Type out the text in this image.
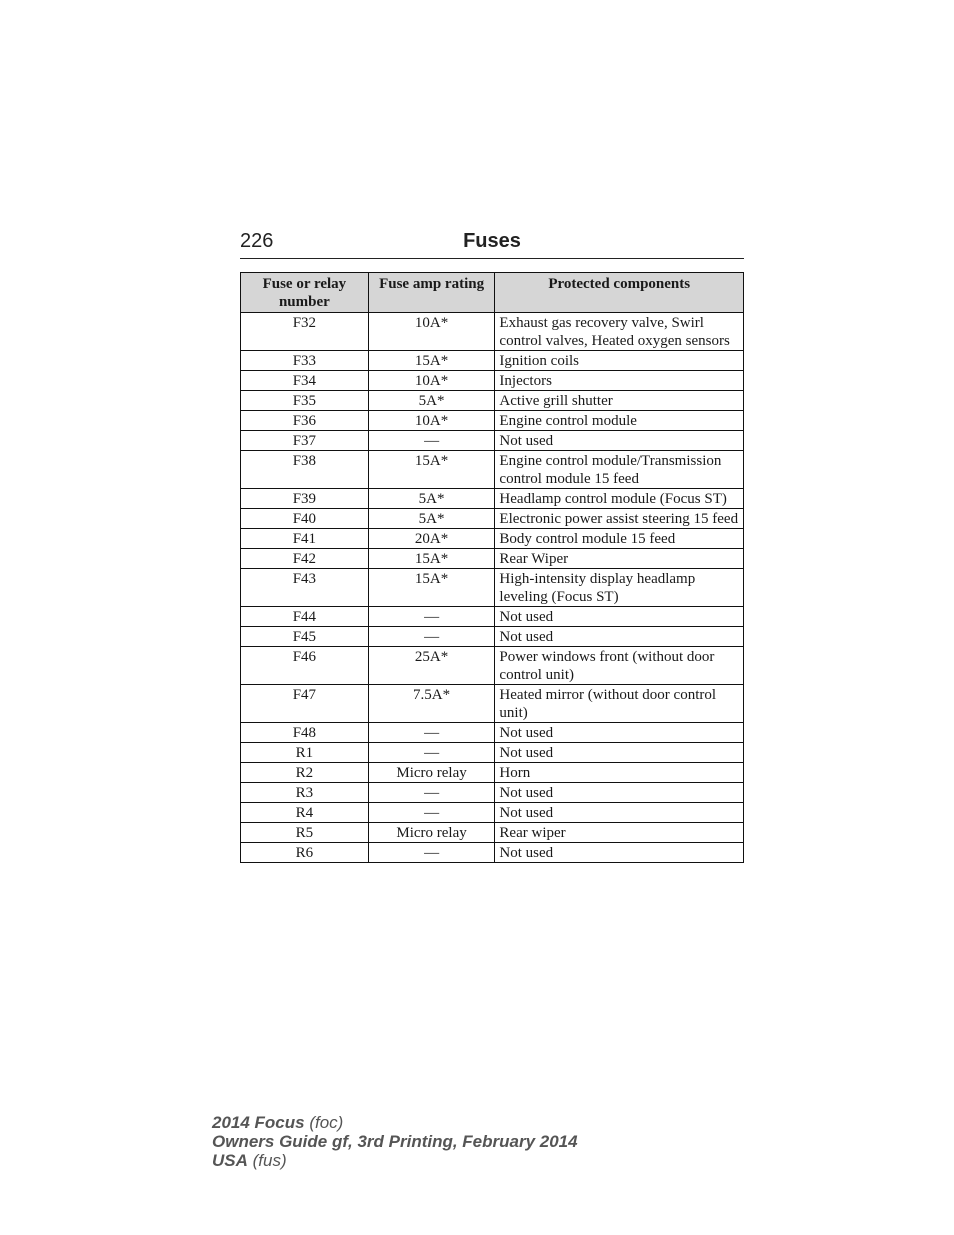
226	Fuses
Fuse or relay number	Fuse amp rating	Protected components
F32	10A*	Exhaust gas recovery valve, Swirl control valves, Heated oxygen sensors
F33	15A*	Ignition coils
F34	10A*	Injectors
F35	5A*	Active grill shutter
F36	10A*	Engine control module
F37	—	Not used
F38	15A*	Engine control module/Transmission control module 15 feed
F39	5A*	Headlamp control module (Focus ST)
F40	5A*	Electronic power assist steering 15 feed
F41	20A*	Body control module 15 feed
F42	15A*	Rear Wiper
F43	15A*	High-intensity display headlamp leveling (Focus ST)
F44	—	Not used
F45	—	Not used
F46	25A*	Power windows front (without door control unit)
F47	7.5A*	Heated mirror (without door control unit)
F48	—	Not used
R1	—	Not used
R2	Micro relay	Horn
R3	—	Not used
R4	—	Not used
R5	Micro relay	Rear wiper
R6	—	Not used
2014 Focus (foc)
Owners Guide gf, 3rd Printing, February 2014
USA (fus)
